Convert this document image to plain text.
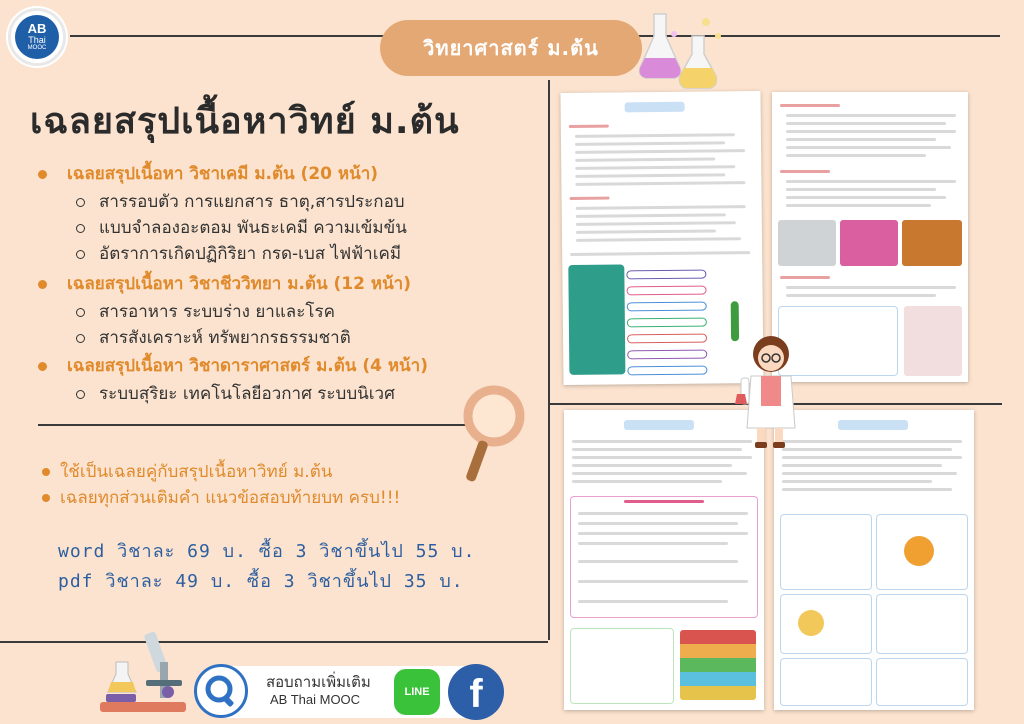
AB
Thai
MOOC	วิทยาศาสตร์ ม.ต้น
เฉลยสรุปเนื้อหาวิทย์ ม.ต้น
เฉลยสรุปเนื้อหา วิชาเคมี ม.ต้น (20 หน้า)
สารรอบตัว การแยกสาร ธาตุ,สารประกอบ
แบบจำลองอะตอม พันธะเคมี ความเข้มข้น
อัตราการเกิดปฏิกิริยา กรด-เบส ไฟฟ้าเคมี
เฉลยสรุปเนื้อหา วิชาชีววิทยา ม.ต้น (12 หน้า)
สารอาหาร ระบบร่าง ยาและโรค
สารสังเคราะห์ ทรัพยากรธรรมชาติ
เฉลยสรุปเนื้อหา วิชาดาราศาสตร์ ม.ต้น (4 หน้า)
ระบบสุริยะ เทคโนโลยีอวกาศ ระบบนิเวศ
ใช้เป็นเฉลยคู่กับสรุปเนื้อหาวิทย์ ม.ต้น
เฉลยทุกส่วนเติมคำ แนวข้อสอบท้ายบท ครบ!!!
word วิชาละ 69 บ. ซื้อ 3 วิชาขึ้นไป 55 บ.
pdf วิชาละ 49 บ. ซื้อ 3 วิชาขึ้นไป 35 บ.
สอบถามเพิ่มเติม
AB Thai MOOC	LINE f
